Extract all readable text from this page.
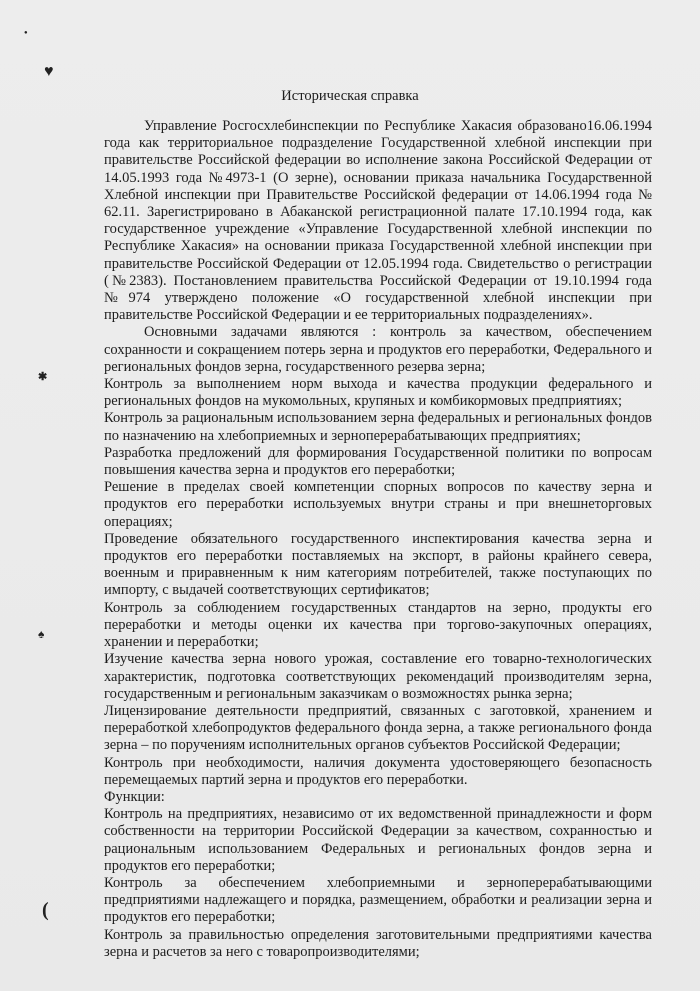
●
♥
✱
♠
(
Историческая справка

Управление Росгосхлебинспекции по Республике Хакасия образовано16.06.1994 года как территориальное подразделение Государственной хлебной инспекции при правительстве Российской федерации во исполнение закона Российской Федерации от 14.05.1993 года №4973-1 (О зерне), основании приказа начальника Государственной Хлебной инспекции при Правительстве Российской федерации от 14.06.1994 года № 62.11. Зарегистрировано в Абаканской регистрационной палате 17.10.1994 года, как государственное учреждение «Управление Государственной хлебной инспекции по Республике Хакасия» на основании приказа Государственной хлебной инспекции при правительстве Российской Федерации от 12.05.1994 года. Свидетельство о регистрации (№2383). Постановлением правительства Российской Федерации от 19.10.1994 года №974 утверждено положение «О государственной хлебной инспекции при правительстве Российской Федерации и ее территориальных подразделениях».

Основными задачами являются : контроль за качеством, обеспечением сохранности и сокращением потерь зерна и продуктов его переработки, Федерального и региональных фондов зерна, государственного резерва зерна;

Контроль за выполнением норм выхода и качества продукции федерального и региональных фондов на мукомольных, крупяных и комбикормовых предприятиях;

Контроль за рациональным использованием зерна федеральных и региональных фондов по назначению на хлебоприемных и зерноперерабатывающих предприятиях;

Разработка предложений для формирования Государственной политики по вопросам повышения качества зерна и продуктов его переработки;

Решение в пределах своей компетенции спорных вопросов по качеству зерна и продуктов его переработки используемых внутри страны и при внешнеторговых операциях;

Проведение обязательного государственного инспектирования качества зерна и продуктов его переработки поставляемых на экспорт, в районы крайнего севера, военным и приравненным к ним категориям потребителей, также поступающих по импорту, с выдачей соответствующих сертификатов;

Контроль за соблюдением государственных стандартов на зерно, продукты его переработки и методы оценки их качества при торгово-закупочных операциях, хранении и переработки;

Изучение качества зерна нового урожая, составление его товарно-технологических характеристик, подготовка соответствующих рекомендаций производителям зерна, государственным и региональным заказчикам о возможностях рынка зерна;

Лицензирование деятельности предприятий, связанных с заготовкой, хранением и переработкой хлебопродуктов федерального фонда зерна, а также регионального фонда зерна – по поручениям исполнительных органов субъектов Российской Федерации;

Контроль при необходимости, наличия документа удостоверяющего безопасность перемещаемых партий зерна и продуктов его переработки.

Функции:

Контроль на предприятиях, независимо от их ведомственной принадлежности и форм собственности на территории Российской Федерации за качеством, сохранностью и рациональным использованием Федеральных и региональных фондов зерна и продуктов его переработки;

Контроль за обеспечением хлебоприемными и зерноперерабатывающими предприятиями надлежащего и порядка, размещением, обработки и реализации зерна и продуктов его переработки;

Контроль за правильностью определения заготовительными предприятиями качества зерна и расчетов за него с товаропроизводителями;
